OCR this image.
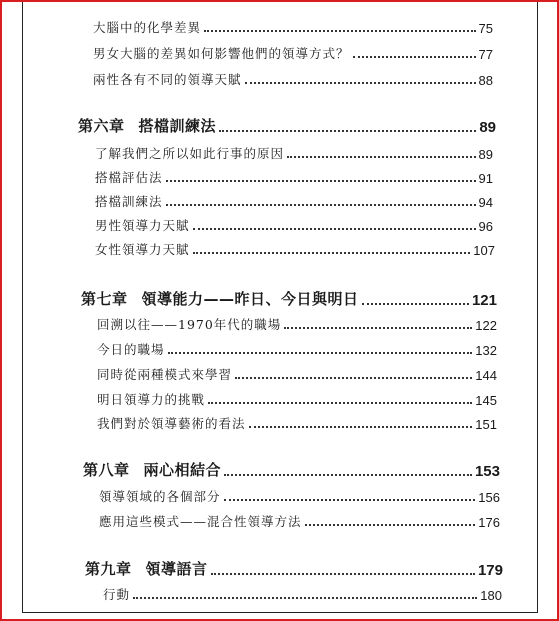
大腦中的化學差異	75
男女大腦的差異如何影響他們的領導方式？	77
兩性各有不同的領導天賦	88
第六章 搭檔訓練法	89
了解我們之所以如此行事的原因	89
搭檔評估法	91
搭檔訓練法	94
男性領導力天賦	96
女性領導力天賦	107
第七章 領導能力——昨日、今日與明日	121
回溯以往——1970年代的職場	122
今日的職場	132
同時從兩種模式來學習	144
明日領導力的挑戰	145
我們對於領導藝術的看法	151
第八章 兩心相結合	153
領導領域的各個部分	156
應用這些模式——混合性領導方法	176
第九章 領導語言	179
行動	180
